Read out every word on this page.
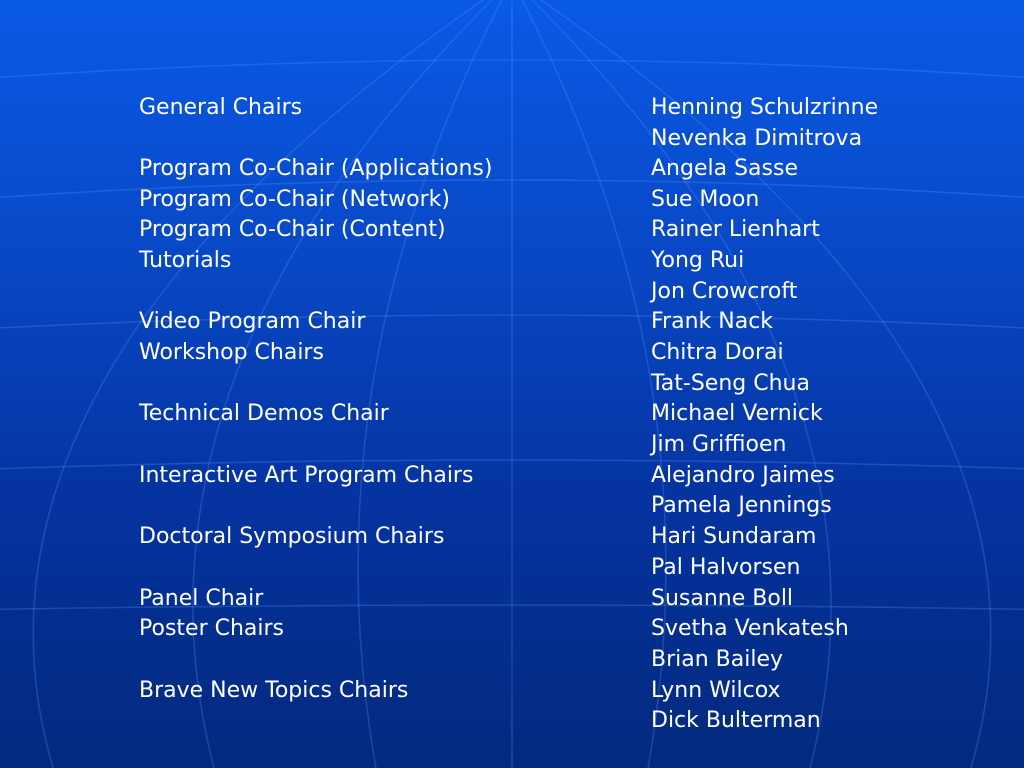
General Chairs	Henning Schulzrinne
Nevenka Dimitrova
Program Co-Chair (Applications)	Angela Sasse
Program Co-Chair (Network)	Sue Moon
Program Co-Chair (Content)	Rainer Lienhart
Tutorials	Yong Rui
Jon Crowcroft
Video Program Chair	Frank Nack
Workshop Chairs	Chitra Dorai
Tat-Seng Chua
Technical Demos Chair	Michael Vernick
Jim Griffioen
Interactive Art Program Chairs	Alejandro Jaimes
Pamela Jennings
Doctoral Symposium Chairs	Hari Sundaram
Pal Halvorsen
Panel Chair	Susanne Boll
Poster Chairs	Svetha Venkatesh
Brian Bailey
Brave New Topics Chairs	Lynn Wilcox
Dick Bulterman
